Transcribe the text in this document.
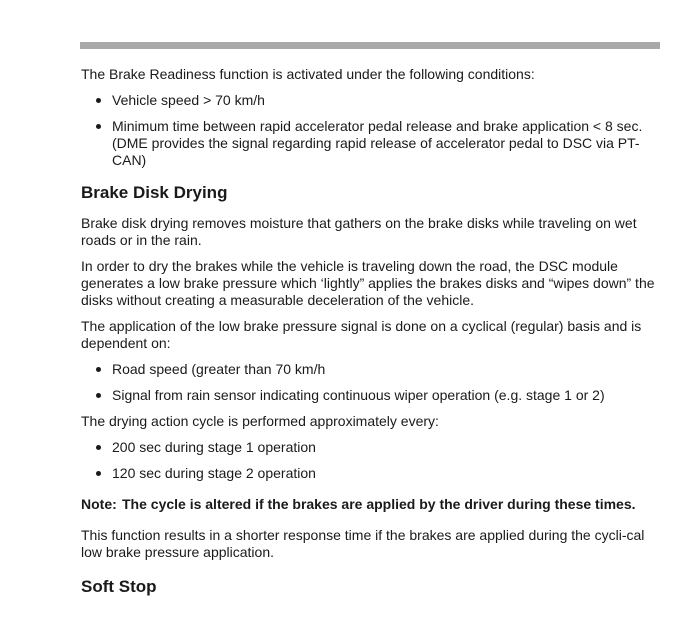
The Brake Readiness function is activated under the following conditions:

Vehicle speed > 70 km/h
Minimum time between rapid accelerator pedal release and brake application < 8 sec. (DME provides the signal regarding rapid release of accelerator pedal to DSC via PT-CAN)
Brake Disk Drying

Brake disk drying removes moisture that gathers on the brake disks while traveling on wet roads or in the rain.

In order to dry the brakes while the vehicle is traveling down the road, the DSC module generates a low brake pressure which ‘lightly” applies the brakes disks and “wipes down” the disks without creating a measurable deceleration of the vehicle.

The application of the low brake pressure signal is done on a cyclical (regular) basis and is dependent on:

Road speed (greater than 70 km/h
Signal from rain sensor indicating continuous wiper operation (e.g. stage 1 or 2)

The drying action cycle is performed approximately every:

200 sec during stage 1 operation
120 sec during stage 2 operation
Note: The cycle is altered if the brakes are applied by the driver during these times.

This function results in a shorter response time if the brakes are applied during the cycli-cal low brake pressure application.

Soft Stop
